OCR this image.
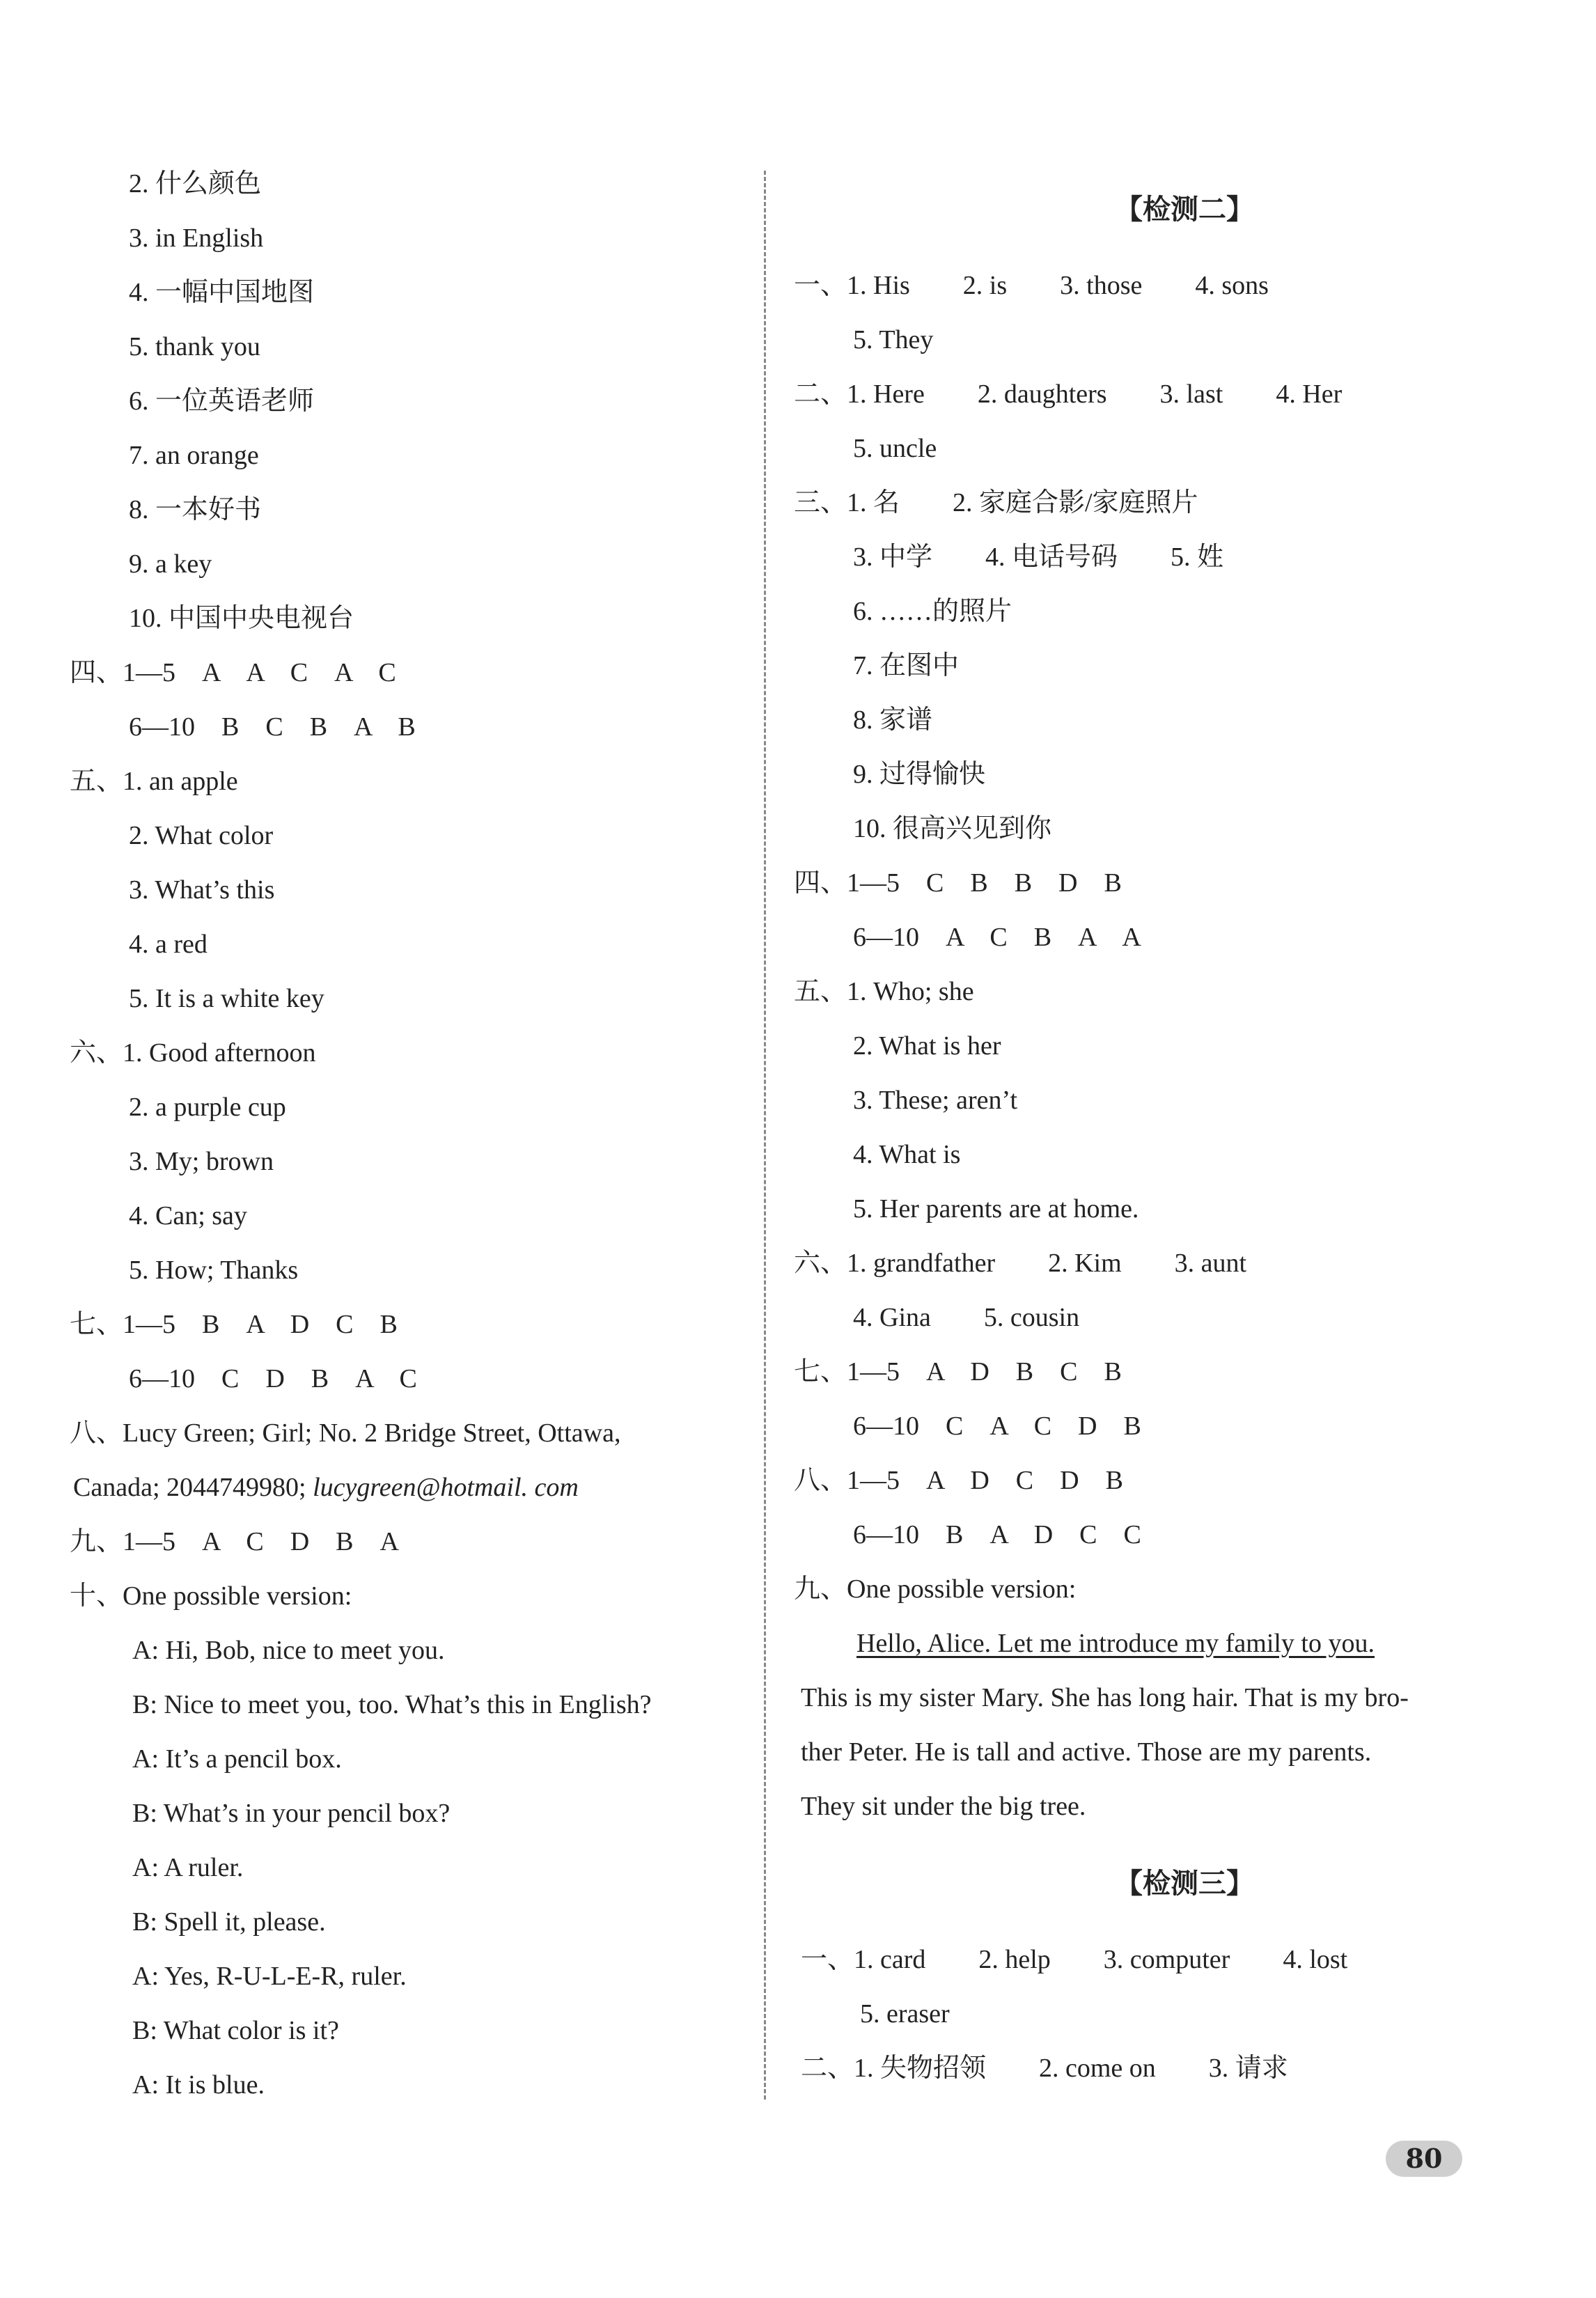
2. 什么颜色
3. in English
4. 一幅中国地图
5. thank you
6. 一位英语老师
7. an orange
8. 一本好书
9. a key
10. 中国中央电视台
四、1—5　A　A　C　A　C
6—10　B　C　B　A　B
五、1. an apple
2. What color
3. What’s this
4. a red
5. It is a white key
六、1. Good afternoon
2. a purple cup
3. My; brown
4. Can; say
5. How; Thanks
七、1—5　B　A　D　C　B
6—10　C　D　B　A　C
八、Lucy Green; Girl; No. 2 Bridge Street, Ottawa,
Canada; 2044749980; lucygreen@hotmail. com
九、1—5　A　C　D　B　A
十、One possible version:
A: Hi, Bob, nice to meet you.
B: Nice to meet you, too. What’s this in English?
A: It’s a pencil box.
B: What’s in your pencil box?
A: A ruler.
B: Spell it, please.
A: Yes, R-U-L-E-R, ruler.
B: What color is it?
A: It is blue.
【检测二】
一、1. His　　2. is　　3. those　　4. sons
5. They
二、1. Here　　2. daughters　　3. last　　4. Her
5. uncle
三、1. 名　　2. 家庭合影/家庭照片
3. 中学　　4. 电话号码　　5. 姓
6. ……的照片
7. 在图中
8. 家谱
9. 过得愉快
10. 很高兴见到你
四、1—5　C　B　B　D　B
6—10　A　C　B　A　A
五、1. Who; she
2. What is her
3. These; aren’t
4. What is
5. Her parents are at home.
六、1. grandfather　　2. Kim　　3. aunt
4. Gina　　5. cousin
七、1—5　A　D　B　C　B
6—10　C　A　C　D　B
八、1—5　A　D　C　D　B
6—10　B　A　D　C　C
九、One possible version:
Hello, Alice. Let me introduce my family to you.
This is my sister Mary. She has long hair. That is my bro-
ther Peter. He is tall and active. Those are my parents.
They sit under the big tree.
【检测三】
一、1. card　　2. help　　3. computer　　4. lost
5. eraser
二、1. 失物招领　　2. come on　　3. 请求
80
